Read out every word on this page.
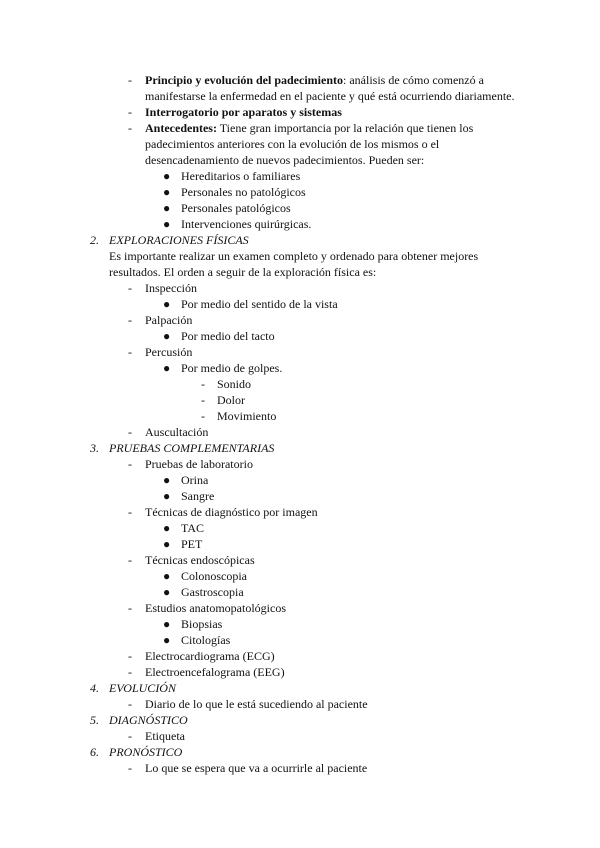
- Principio y evolución del padecimiento: análisis de cómo comenzó a
manifestarse la enfermedad en el paciente y qué está ocurriendo diariamente.
- Interrogatorio por aparatos y sistemas
- Antecedentes: Tiene gran importancia por la relación que tienen los
padecimientos anteriores con la evolución de los mismos o el
desencadenamiento de nuevos padecimientos. Pueden ser:
● Hereditarios o familiares
● Personales no patológicos
● Personales patológicos
● Intervenciones quirúrgicas.
2. EXPLORACIONES FÍSICAS
Es importante realizar un examen completo y ordenado para obtener mejores
resultados. El orden a seguir de la exploración física es:
- Inspección
● Por medio del sentido de la vista
- Palpación
● Por medio del tacto
- Percusión
● Por medio de golpes.
- Sonido
- Dolor
- Movimiento
- Auscultación
3. PRUEBAS COMPLEMENTARIAS
- Pruebas de laboratorio
● Orina
● Sangre
- Técnicas de diagnóstico por imagen
● TAC
● PET
- Técnicas endoscópicas
● Colonoscopia
● Gastroscopia
- Estudios anatomopatológicos
● Biopsias
● Citologías
- Electrocardiograma (ECG)
- Electroencefalograma (EEG)
4. EVOLUCIÓN
- Diario de lo que le está sucediendo al paciente
5. DIAGNÓSTICO
- Etiqueta
6. PRONÓSTICO
- Lo que se espera que va a ocurrirle al paciente
